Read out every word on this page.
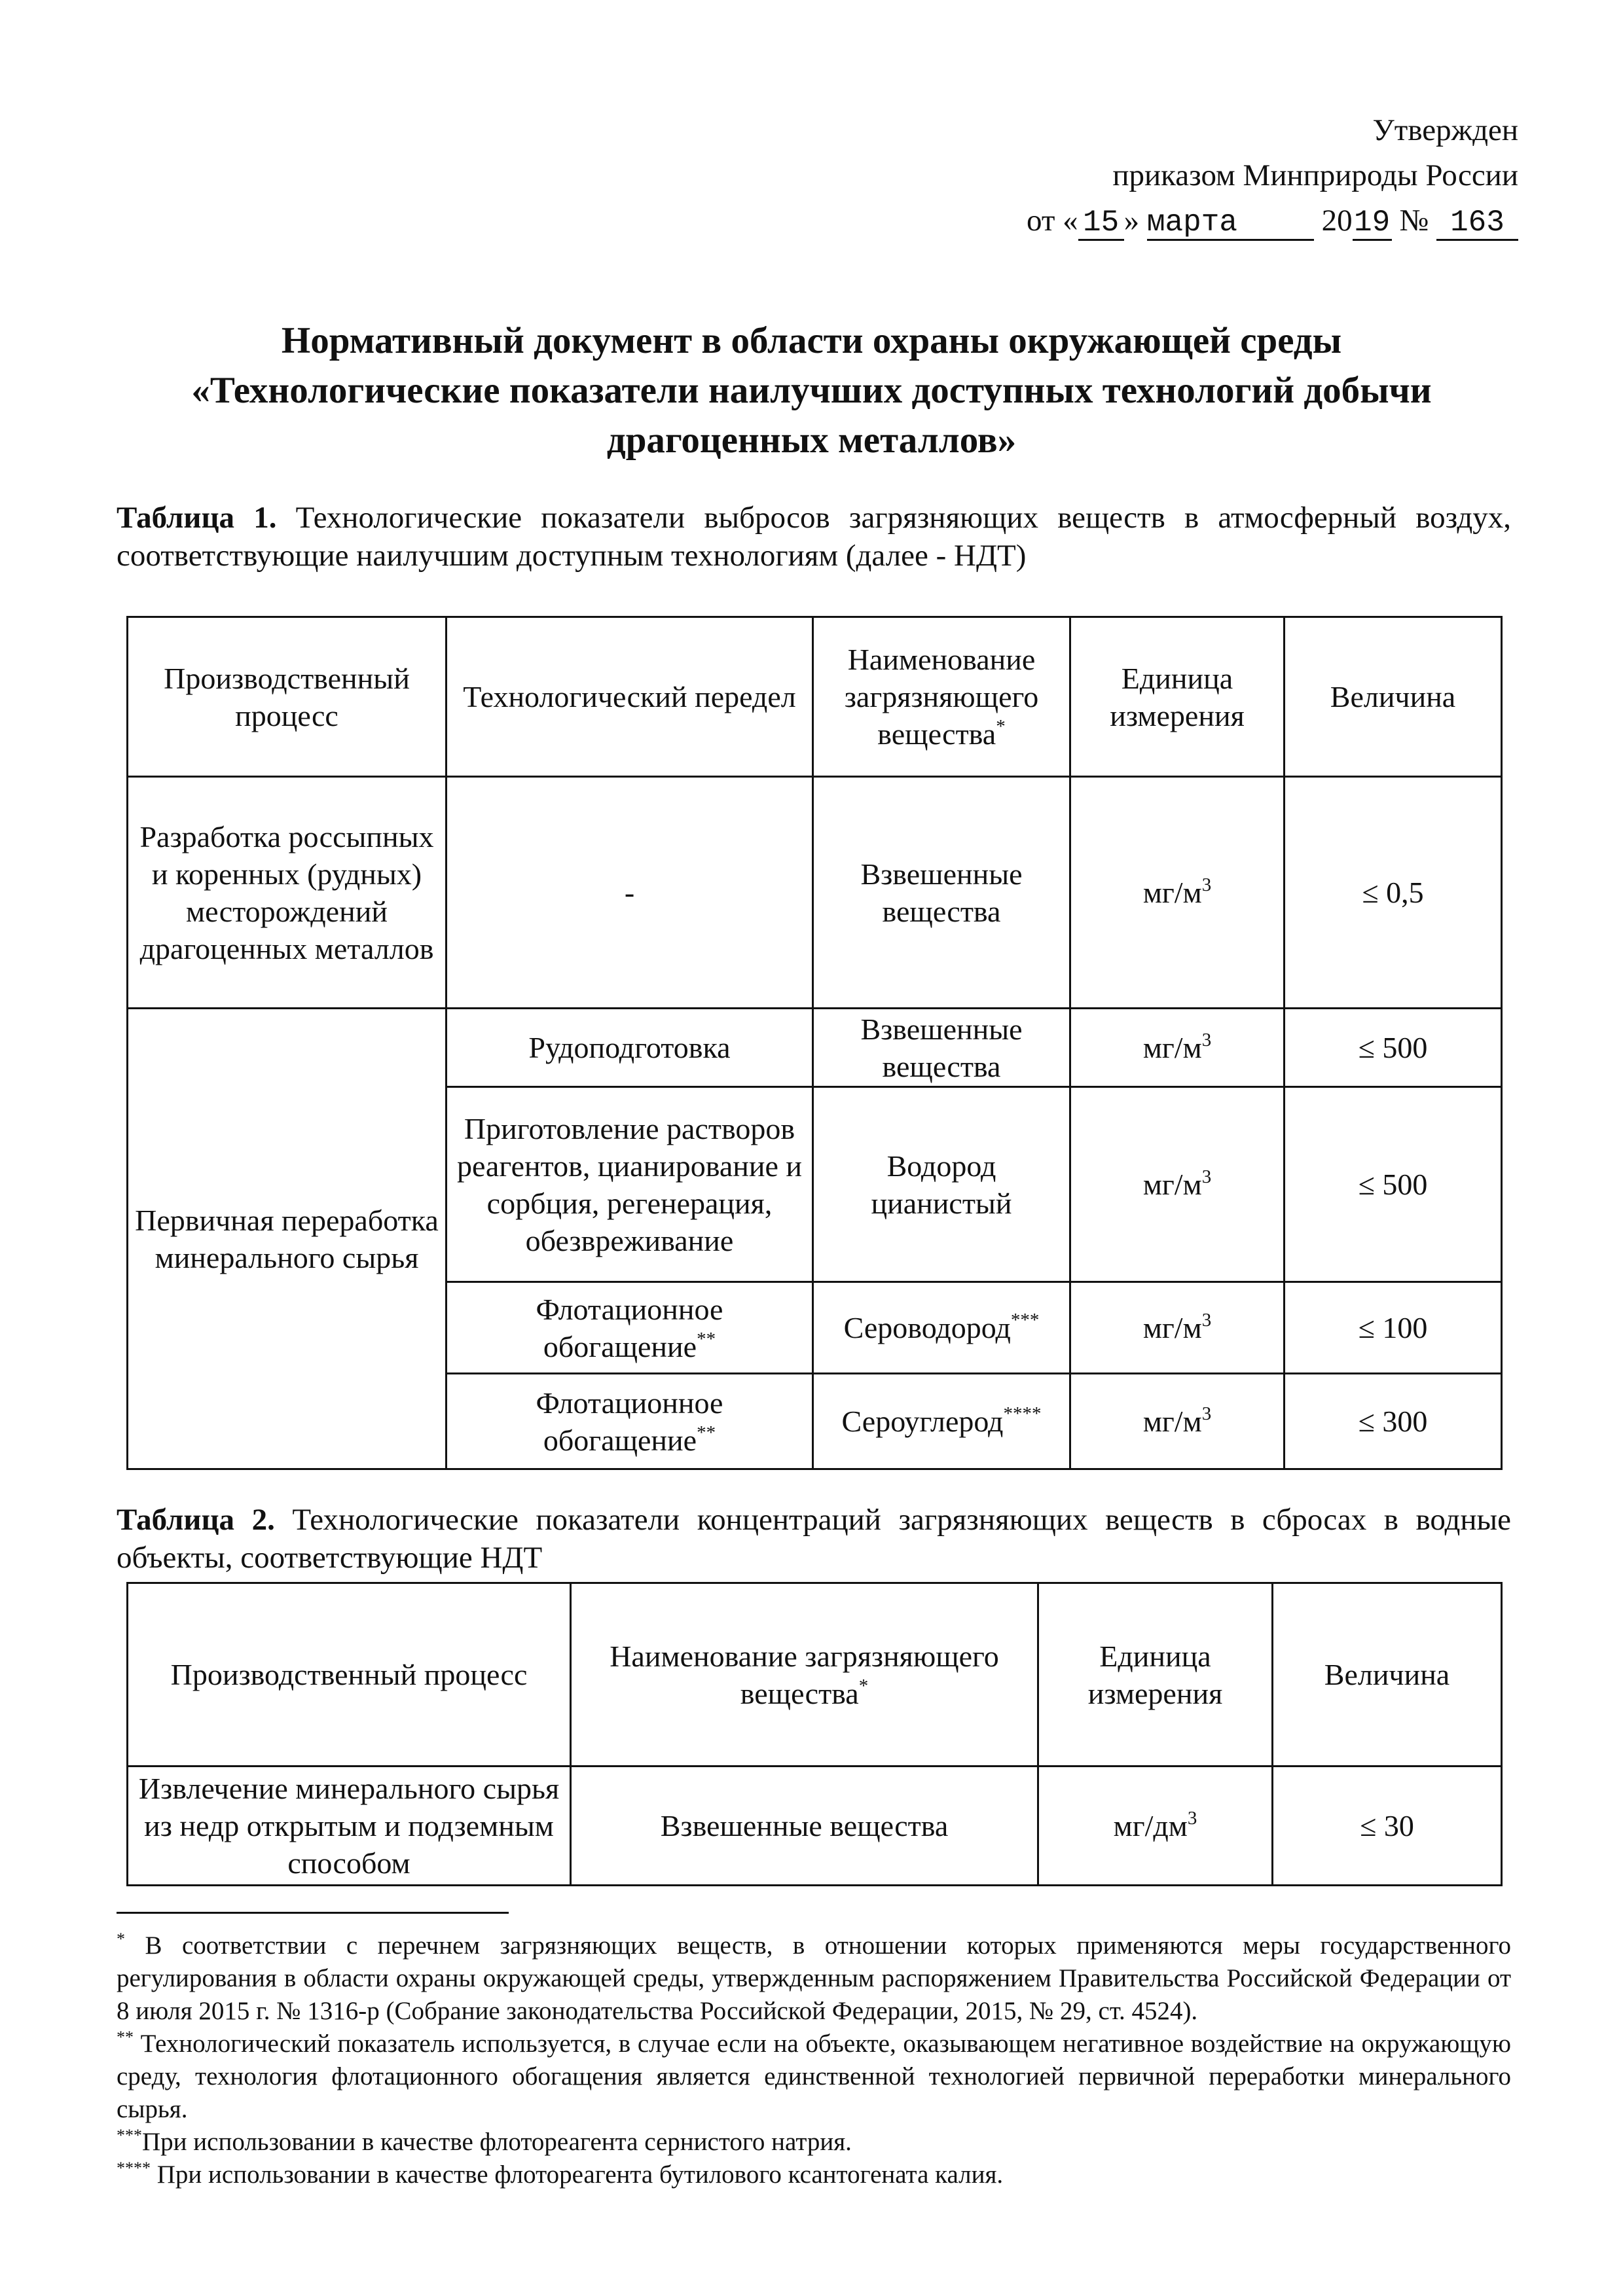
Утвержден
приказом Минприроды России
от « 15 » марта	2019 № 163
Нормативный документ в области охраны окружающей среды
«Технологические показатели наилучших доступных технологий добычи
драгоценных металлов»
Таблица 1. Технологические показатели выбросов загрязняющих веществ в атмосферный воздух, соответствующие наилучшим доступным технологиям (далее - НДТ)
Производственный процесс	Технологический передел	Наименование загрязняющего вещества*	Единица измерения	Величина
Разработка россыпных и коренных (рудных) месторождений драгоценных металлов	-	Взвешенные вещества	$мг/м^3$	≤ 0,5
Первичная переработка минерального сырья	Рудоподготовка	Взвешенные вещества	$мг/м^3$	≤ 500
	Приготовление растворов реагентов, цианирование и сорбция, регенерация, обезвреживание	Водород цианистый	$мг/м^3$	≤ 500
	Флотационное обогащение**	Сероводород***	$мг/м^3$	≤ 100
	Флотационное обогащение**	Сероуглерод****	$мг/м^3$	≤ 300
Таблица 2. Технологические показатели концентраций загрязняющих веществ в сбросах в водные объекты, соответствующие НДТ
Производственный процесс	Наименование загрязняющего вещества*	Единица измерения	Величина
Извлечение минерального сырья из недр открытым и подземным способом	Взвешенные вещества	$мг/дм^3$	≤ 30

* В соответствии с перечнем загрязняющих веществ, в отношении которых применяются меры государственного регулирования в области охраны окружающей среды, утвержденным распоряжением Правительства Российской Федерации от 8 июля 2015 г. № 1316-р (Собрание законодательства Российской Федерации, 2015, № 29, ст. 4524).

** Технологический показатель используется, в случае если на объекте, оказывающем негативное воздействие на окружающую среду, технология флотационного обогащения является единственной технологией первичной переработки минерального сырья.

***При использовании в качестве флотореагента сернистого натрия.

**** При использовании в качестве флотореагента бутилового ксантогената калия.
